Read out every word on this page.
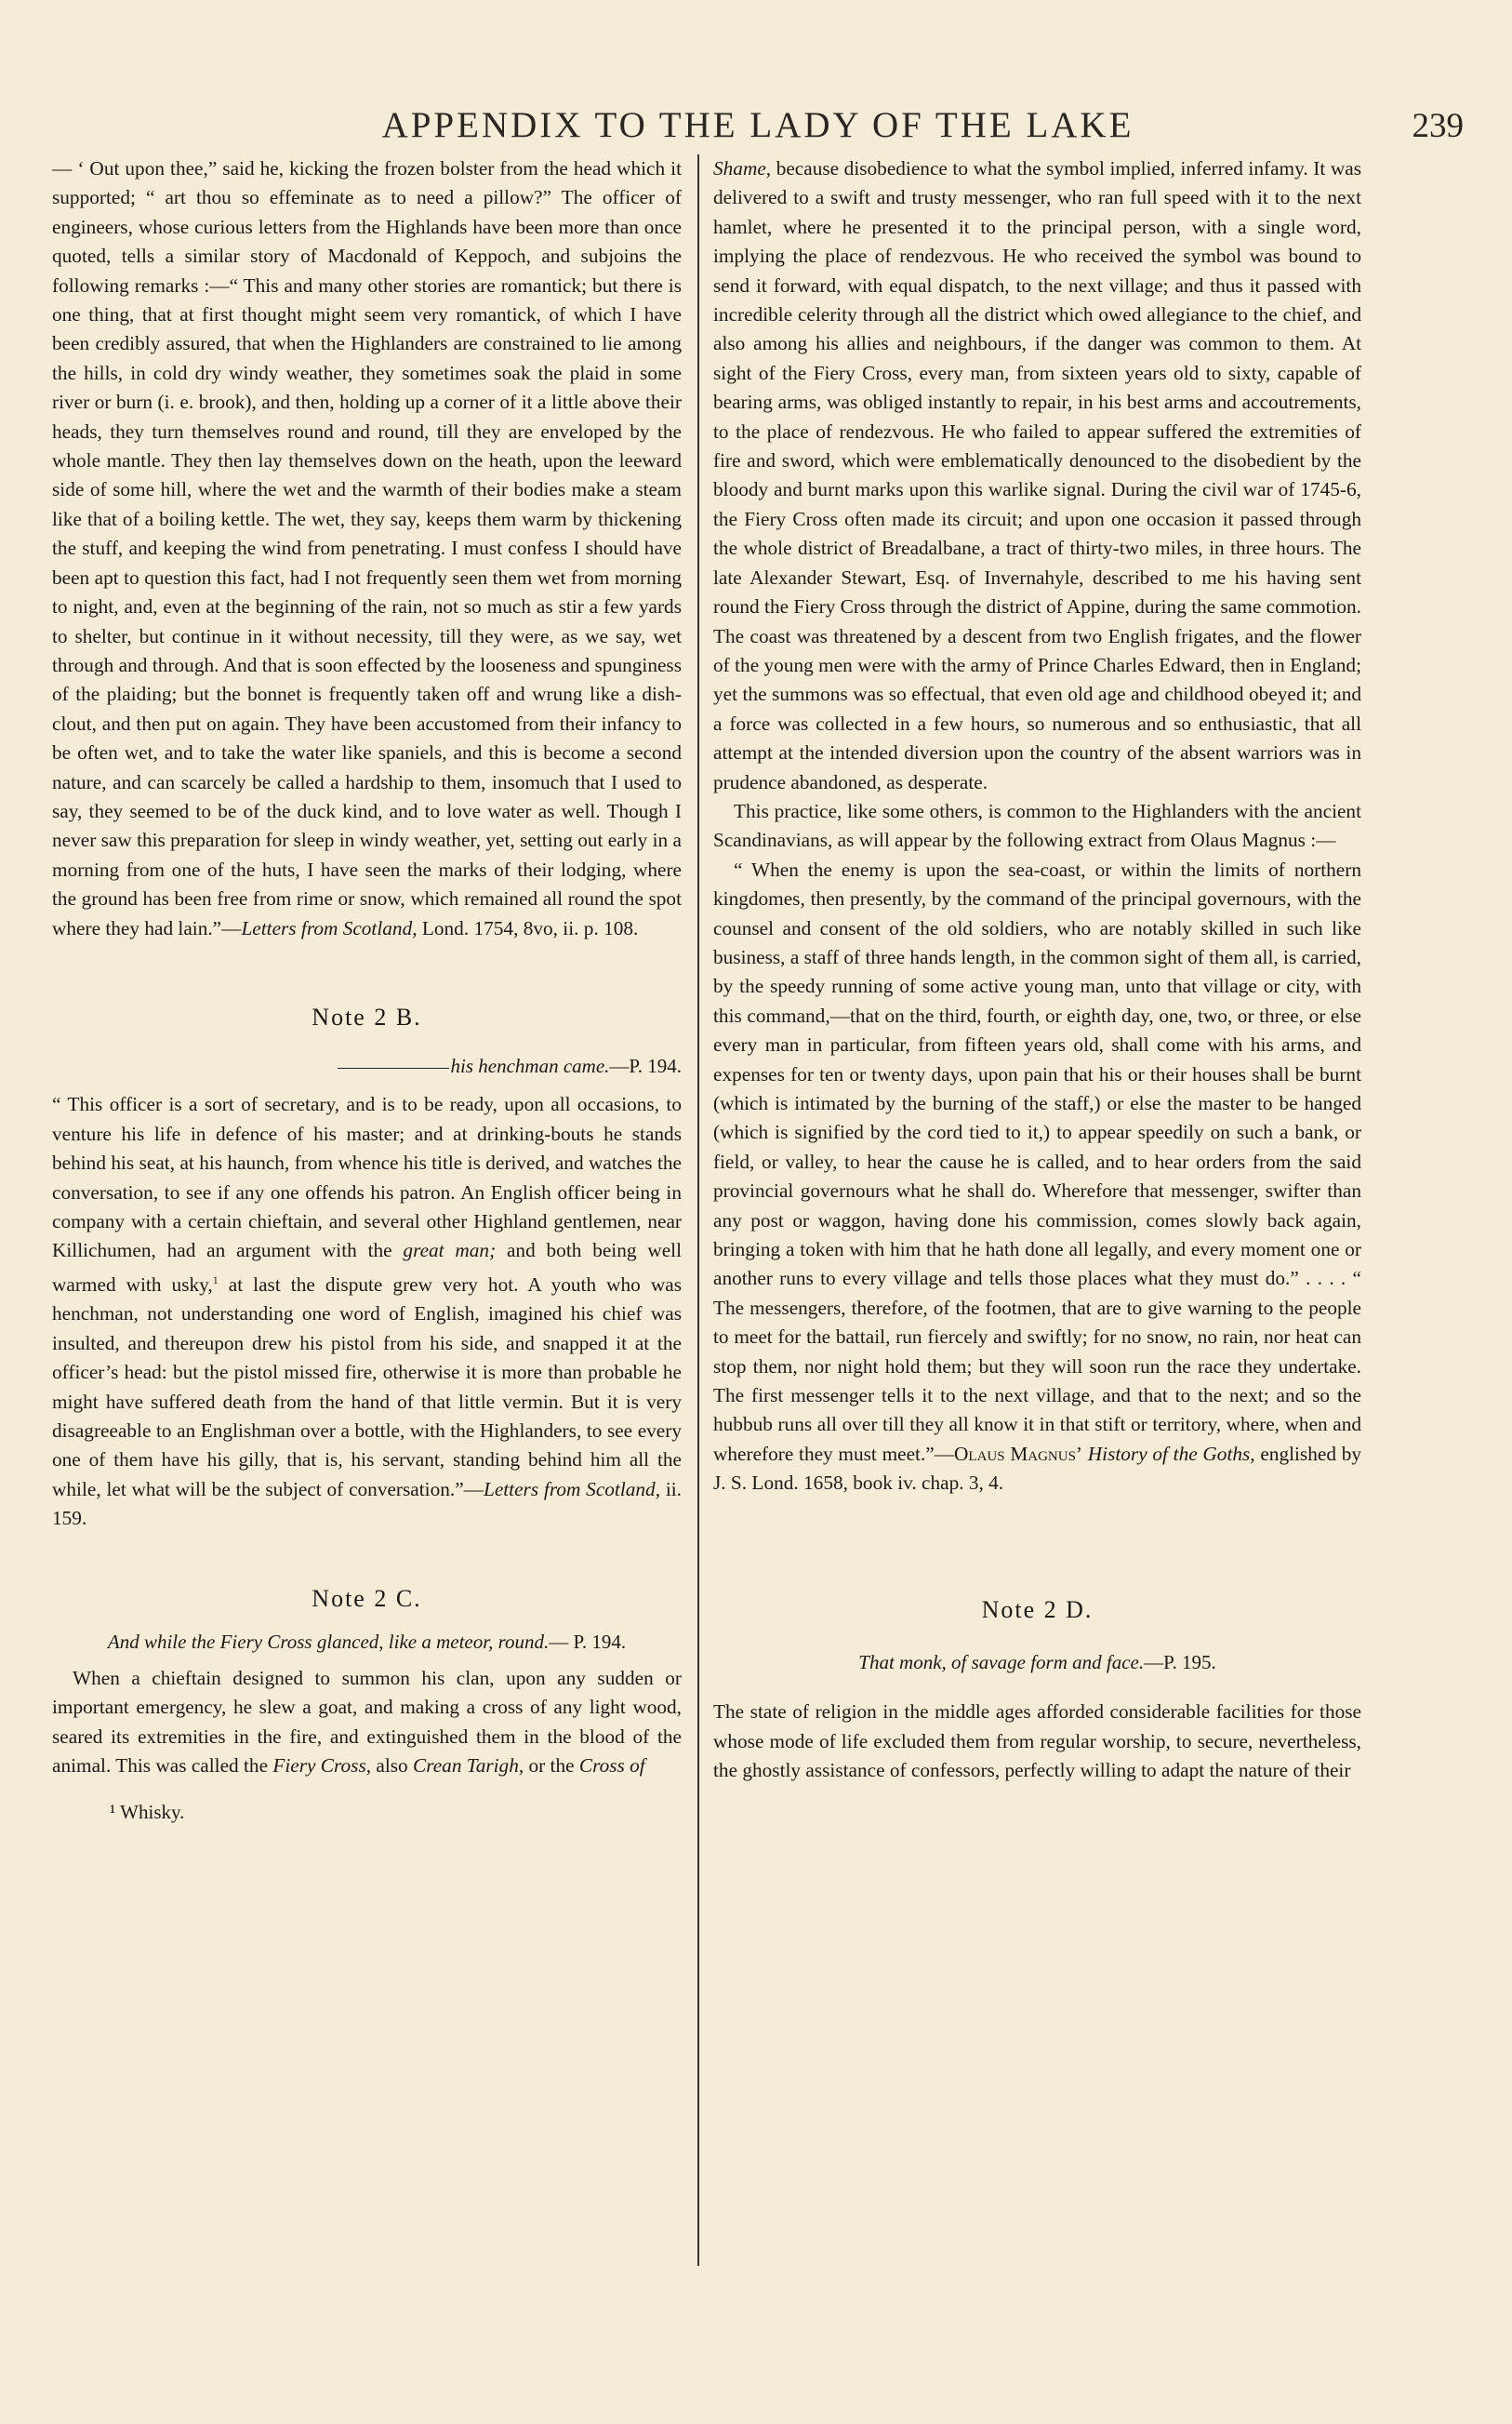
APPENDIX TO THE LADY OF THE LAKE	239

— ‘ Out upon thee,” said he, kicking the frozen bolster from the head which it supported; “ art thou so effeminate as to need a pillow?” The officer of engineers, whose curious letters from the Highlands have been more than once quoted, tells a similar story of Macdonald of Keppoch, and subjoins the following remarks :—“ This and many other stories are romantick; but there is one thing, that at first thought might seem very romantick, of which I have been credibly assured, that when the Highlanders are constrained to lie among the hills, in cold dry windy weather, they sometimes soak the plaid in some river or burn (i. e. brook), and then, holding up a corner of it a little above their heads, they turn themselves round and round, till they are enveloped by the whole mantle. They then lay themselves down on the heath, upon the leeward side of some hill, where the wet and the warmth of their bodies make a steam like that of a boiling kettle. The wet, they say, keeps them warm by thickening the stuff, and keeping the wind from penetrating. I must confess I should have been apt to question this fact, had I not frequently seen them wet from morning to night, and, even at the beginning of the rain, not so much as stir a few yards to shelter, but continue in it without necessity, till they were, as we say, wet through and through. And that is soon effected by the looseness and spunginess of the plaiding; but the bonnet is frequently taken off and wrung like a dish-clout, and then put on again. They have been accustomed from their infancy to be often wet, and to take the water like spaniels, and this is become a second nature, and can scarcely be called a hardship to them, insomuch that I used to say, they seemed to be of the duck kind, and to love water as well. Though I never saw this preparation for sleep in windy weather, yet, setting out early in a morning from one of the huts, I have seen the marks of their lodging, where the ground has been free from rime or snow, which remained all round the spot where they had lain.”—Letters from Scotland, Lond. 1754, 8vo, ii. p. 108.

Note 2 B.

his henchman came.—P. 194.

“ This officer is a sort of secretary, and is to be ready, upon all occasions, to venture his life in defence of his master; and at drinking-bouts he stands behind his seat, at his haunch, from whence his title is derived, and watches the conversation, to see if any one offends his patron. An English officer being in company with a certain chieftain, and several other Highland gentlemen, near Killichumen, had an argument with the great man; and both being well warmed with usky,$^1$ at last the dispute grew very hot. A youth who was henchman, not understanding one word of English, imagined his chief was insulted, and thereupon drew his pistol from his side, and snapped it at the officer’s head: but the pistol missed fire, otherwise it is more than probable he might have suffered death from the hand of that little vermin. But it is very disagreeable to an Englishman over a bottle, with the Highlanders, to see every one of them have his gilly, that is, his servant, standing behind him all the while, let what will be the subject of conversation.”—Letters from Scotland, ii. 159.

Note 2 C.

And while the Fiery Cross glanced, like a meteor, round.— P. 194.

When a chieftain designed to summon his clan, upon any sudden or important emergency, he slew a goat, and making a cross of any light wood, seared its extremities in the fire, and extinguished them in the blood of the animal. This was called the Fiery Cross, also Crean Tarigh, or the Cross of

¹ Whisky.

Shame, because disobedience to what the symbol implied, inferred infamy. It was delivered to a swift and trusty messenger, who ran full speed with it to the next hamlet, where he presented it to the principal person, with a single word, implying the place of rendezvous. He who received the symbol was bound to send it forward, with equal dispatch, to the next village; and thus it passed with incredible celerity through all the district which owed allegiance to the chief, and also among his allies and neighbours, if the danger was common to them. At sight of the Fiery Cross, every man, from sixteen years old to sixty, capable of bearing arms, was obliged instantly to repair, in his best arms and accoutrements, to the place of rendezvous. He who failed to appear suffered the extremities of fire and sword, which were emblematically denounced to the disobedient by the bloody and burnt marks upon this warlike signal. During the civil war of 1745-6, the Fiery Cross often made its circuit; and upon one occasion it passed through the whole district of Breadalbane, a tract of thirty-two miles, in three hours. The late Alexander Stewart, Esq. of Invernahyle, described to me his having sent round the Fiery Cross through the district of Appine, during the same commotion. The coast was threatened by a descent from two English frigates, and the flower of the young men were with the army of Prince Charles Edward, then in England; yet the summons was so effectual, that even old age and childhood obeyed it; and a force was collected in a few hours, so numerous and so enthusiastic, that all attempt at the intended diversion upon the country of the absent warriors was in prudence abandoned, as desperate.

This practice, like some others, is common to the Highlanders with the ancient Scandinavians, as will appear by the following extract from Olaus Magnus :—

“ When the enemy is upon the sea-coast, or within the limits of northern kingdomes, then presently, by the command of the principal governours, with the counsel and consent of the old soldiers, who are notably skilled in such like business, a staff of three hands length, in the common sight of them all, is carried, by the speedy running of some active young man, unto that village or city, with this command,—that on the third, fourth, or eighth day, one, two, or three, or else every man in particular, from fifteen years old, shall come with his arms, and expenses for ten or twenty days, upon pain that his or their houses shall be burnt (which is intimated by the burning of the staff,) or else the master to be hanged (which is signified by the cord tied to it,) to appear speedily on such a bank, or field, or valley, to hear the cause he is called, and to hear orders from the said provincial governours what he shall do. Wherefore that messenger, swifter than any post or waggon, having done his commission, comes slowly back again, bringing a token with him that he hath done all legally, and every moment one or another runs to every village and tells those places what they must do.” . . . . “ The messengers, therefore, of the footmen, that are to give warning to the people to meet for the battail, run fiercely and swiftly; for no snow, no rain, nor heat can stop them, nor night hold them; but they will soon run the race they undertake. The first messenger tells it to the next village, and that to the next; and so the hubbub runs all over till they all know it in that stift or territory, where, when and wherefore they must meet.”—Olaus Magnus’ History of the Goths, englished by J. S. Lond. 1658, book iv. chap. 3, 4.

Note 2 D.

That monk, of savage form and face.—P. 195.

The state of religion in the middle ages afforded considerable facilities for those whose mode of life excluded them from regular worship, to secure, nevertheless, the ghostly assistance of confessors, perfectly willing to adapt the nature of their
